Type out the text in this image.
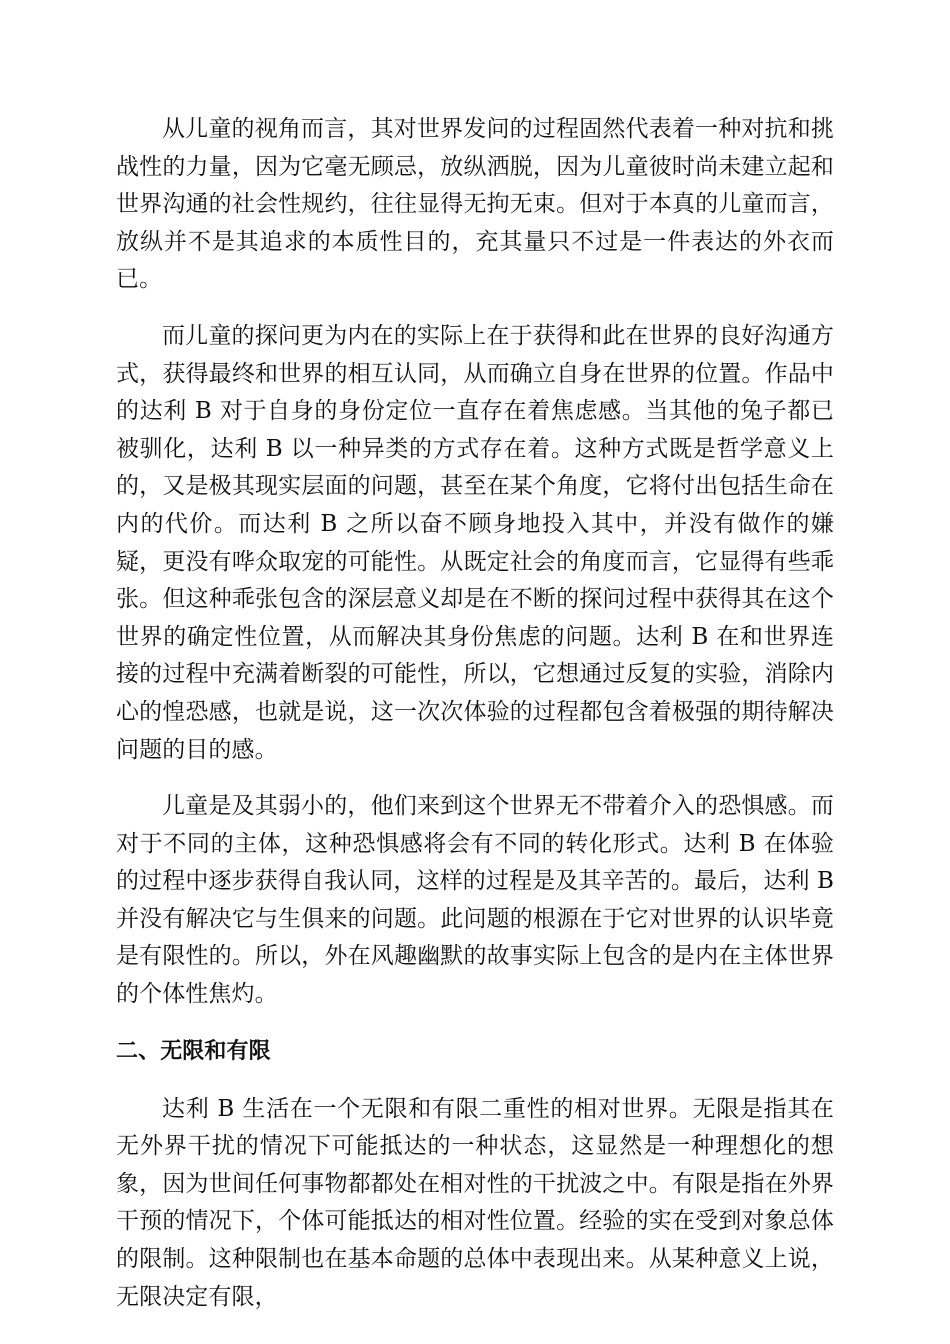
从儿童的视角而言，其对世界发问的过程固然代表着一种对抗和挑战性的力量，因为它毫无顾忌，放纵洒脱，因为儿童彼时尚未建立起和世界沟通的社会性规约，往往显得无拘无束。但对于本真的儿童而言，放纵并不是其追求的本质性目的，充其量只不过是一件表达的外衣而已。

而儿童的探问更为内在的实际上在于获得和此在世界的良好沟通方式，获得最终和世界的相互认同，从而确立自身在世界的位置。作品中的达利 B 对于自身的身份定位一直存在着焦虑感。当其他的兔子都已被驯化，达利 B 以一种异类的方式存在着。这种方式既是哲学意义上的，又是极其现实层面的问题，甚至在某个角度，它将付出包括生命在内的代价。而达利 B 之所以奋不顾身地投入其中，并没有做作的嫌疑，更没有哗众取宠的可能性。从既定社会的角度而言，它显得有些乖张。但这种乖张包含的深层意义却是在不断的探问过程中获得其在这个世界的确定性位置，从而解决其身份焦虑的问题。达利 B 在和世界连接的过程中充满着断裂的可能性，所以，它想通过反复的实验，消除内心的惶恐感，也就是说，这一次次体验的过程都包含着极强的期待解决问题的目的感。

儿童是及其弱小的，他们来到这个世界无不带着介入的恐惧感。而对于不同的主体，这种恐惧感将会有不同的转化形式。达利 B 在体验的过程中逐步获得自我认同，这样的过程是及其辛苦的。最后，达利 B 并没有解决它与生俱来的问题。此问题的根源在于它对世界的认识毕竟是有限性的。所以，外在风趣幽默的故事实际上包含的是内在主体世界的个体性焦灼。

二、无限和有限

达利 B 生活在一个无限和有限二重性的相对世界。无限是指其在无外界干扰的情况下可能抵达的一种状态，这显然是一种理想化的想象，因为世间任何事物都都处在相对性的干扰波之中。有限是指在外界干预的情况下，个体可能抵达的相对性位置。经验的实在受到对象总体的限制。这种限制也在基本命题的总体中表现出来。从某种意义上说，无限决定有限，
